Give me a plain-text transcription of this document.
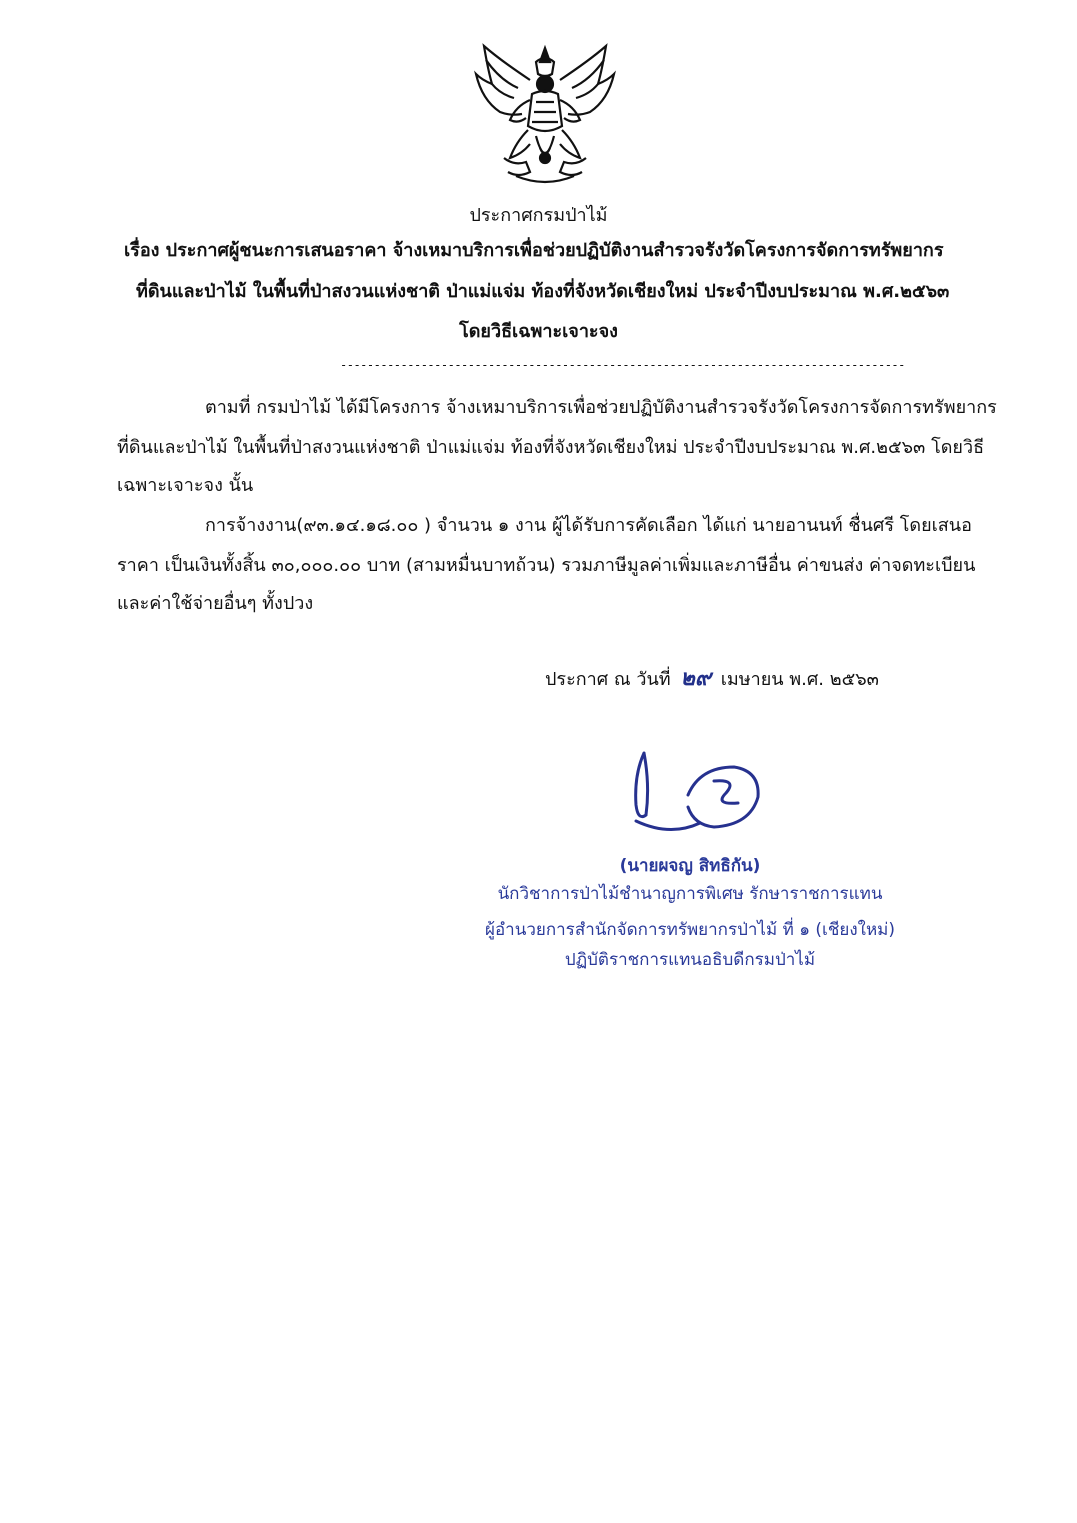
ประกาศกรมป่าไม้
เรื่อง ประกาศผู้ชนะการเสนอราคา จ้างเหมาบริการเพื่อช่วยปฏิบัติงานสำรวจรังวัดโครงการจัดการทรัพยากร
ที่ดินและป่าไม้ ในพื้นที่ป่าสงวนแห่งชาติ ป่าแม่แจ่ม ท้องที่จังหวัดเชียงใหม่ ประจำปีงบประมาณ พ.ศ.๒๕๖๓
โดยวิธีเฉพาะเจาะจง
------------------------------------------------------------------------------------
ตามที่ กรมป่าไม้ ได้มีโครงการ จ้างเหมาบริการเพื่อช่วยปฏิบัติงานสำรวจรังวัดโครงการจัดการทรัพยากร
ที่ดินและป่าไม้ ในพื้นที่ป่าสงวนแห่งชาติ ป่าแม่แจ่ม ท้องที่จังหวัดเชียงใหม่ ประจำปีงบประมาณ พ.ศ.๒๕๖๓ โดยวิธี
เฉพาะเจาะจง นั้น
การจ้างงาน(๙๓.๑๔.๑๘.๐๐ ) จำนวน ๑ งาน ผู้ได้รับการคัดเลือก ได้แก่ นายอานนท์ ชื่นศรี โดยเสนอ
ราคา เป็นเงินทั้งสิ้น ๓๐,๐๐๐.๐๐ บาท (สามหมื่นบาทถ้วน) รวมภาษีมูลค่าเพิ่มและภาษีอื่น ค่าขนส่ง ค่าจดทะเบียน
และค่าใช้จ่ายอื่นๆ ทั้งปวง
ประกาศ ณ วันที่ ๒๙ เมษายน พ.ศ. ๒๕๖๓
(นายผจญ สิทธิกัน)
นักวิชาการป่าไม้ชำนาญการพิเศษ รักษาราชการแทน
ผู้อำนวยการสำนักจัดการทรัพยากรป่าไม้ ที่ ๑ (เชียงใหม่)
ปฏิบัติราชการแทนอธิบดีกรมป่าไม้
